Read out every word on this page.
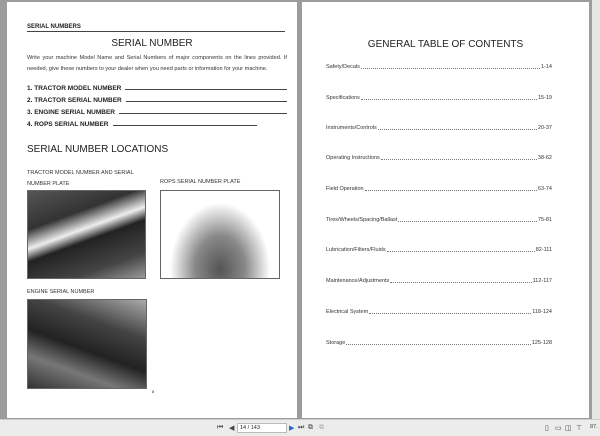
SERIAL NUMBERS
SERIAL NUMBER
Write your machine Model Name and Serial Numbers of major components on the lines provided. If needed, give these numbers to your dealer when you need parts or information for your machine.
1. TRACTOR MODEL NUMBER
2. TRACTOR SERIAL NUMBER
3. ENGINE SERIAL NUMBER
4. ROPS SERIAL NUMBER
SERIAL NUMBER LOCATIONS
TRACTOR MODEL NUMBER AND SERIAL NUMBER PLATE	ROPS SERIAL NUMBER PLATE
ENGINE SERIAL NUMBER
8
GENERAL TABLE OF CONTENTS
Safety/Decals	1-14
Specifications	15-19
Instruments/Controls	20-37
Operating Instructions	38-62
Field Operation	63-74
Tires/Wheels/Spacing/Ballast	75-81
Lubrication/Filters/Fluids	82-111
Maintenance/Adjustments	112-117
Electrical System	118-124
Storage	125-128
⏮ ◀	14 / 143	▶ ⏭ ⧉ ⧉	▯ ▭ ◫ ⊤ 87.
